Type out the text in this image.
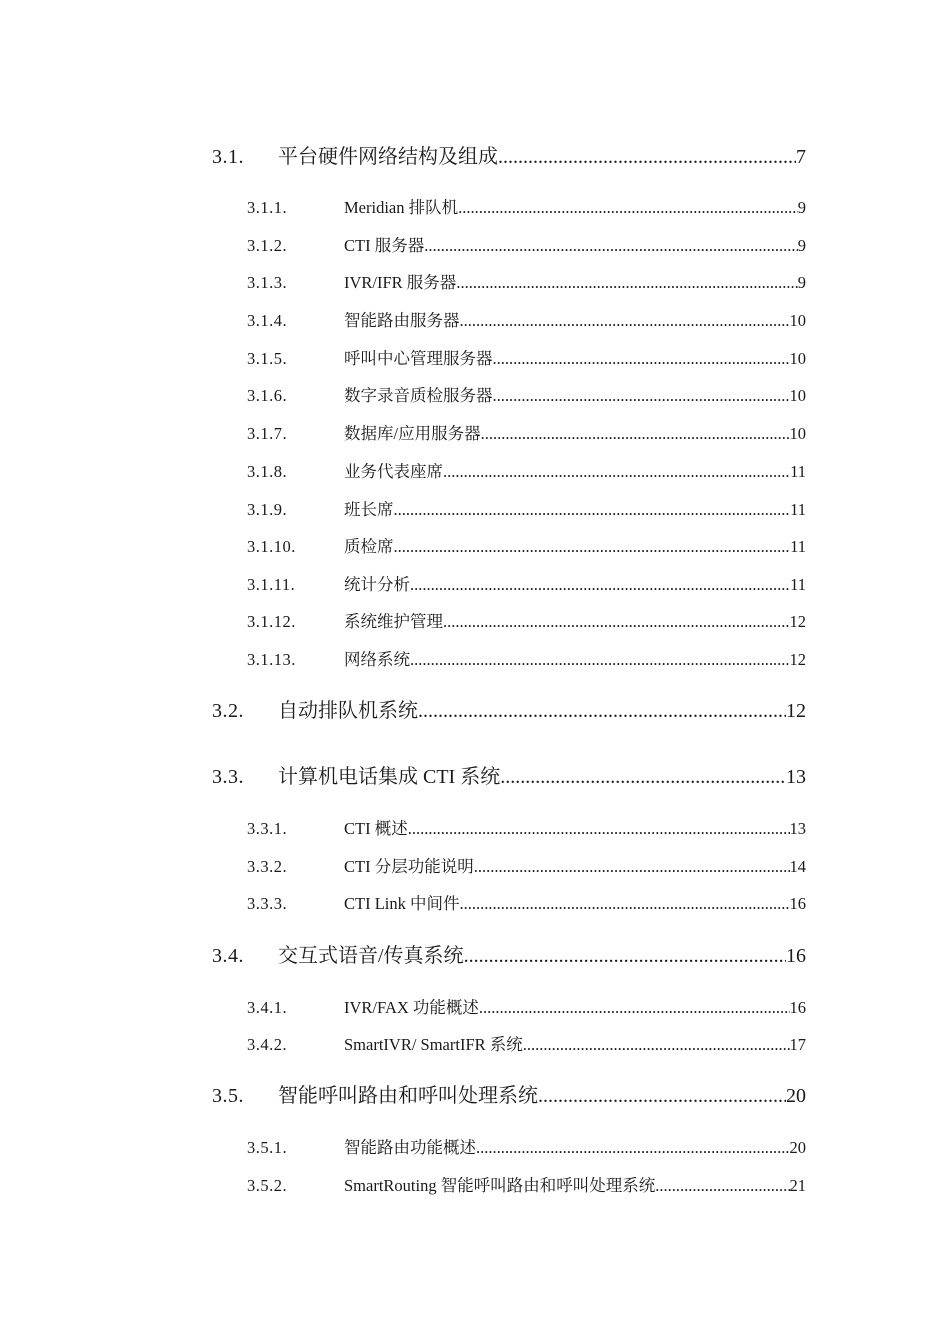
3.1.	平台硬件网络结构及组成 .....	7
3.1.1.	Meridian 排队机 .....	9
3.1.2.	CTI 服务器 .....	9
3.1.3.	IVR/IFR 服务器 .....	9
3.1.4.	智能路由服务器 .....	10
3.1.5.	呼叫中心管理服务器 .....	10
3.1.6.	数字录音质检服务器 .....	10
3.1.7.	数据库/应用服务器 .....	10
3.1.8.	业务代表座席 .....	11
3.1.9.	班长席 .....	11
3.1.10.	质检席 .....	11
3.1.11.	统计分析 .....	11
3.1.12.	系统维护管理 .....	12
3.1.13.	网络系统 .....	12
3.2.	自动排队机系统 .....	12
3.3.	计算机电话集成 CTI 系统 .....	13
3.3.1.	CTI 概述 .....	13
3.3.2.	CTI 分层功能说明 .....	14
3.3.3.	CTI Link 中间件 .....	16
3.4.	交互式语音/传真系统 .....	16
3.4.1.	IVR/FAX 功能概述 .....	16
3.4.2.	SmartIVR/ SmartIFR 系统 .....	17
3.5.	智能呼叫路由和呼叫处理系统 .....	20
3.5.1.	智能路由功能概述 .....	20
3.5.2.	SmartRouting 智能呼叫路由和呼叫处理系统 .....	21
